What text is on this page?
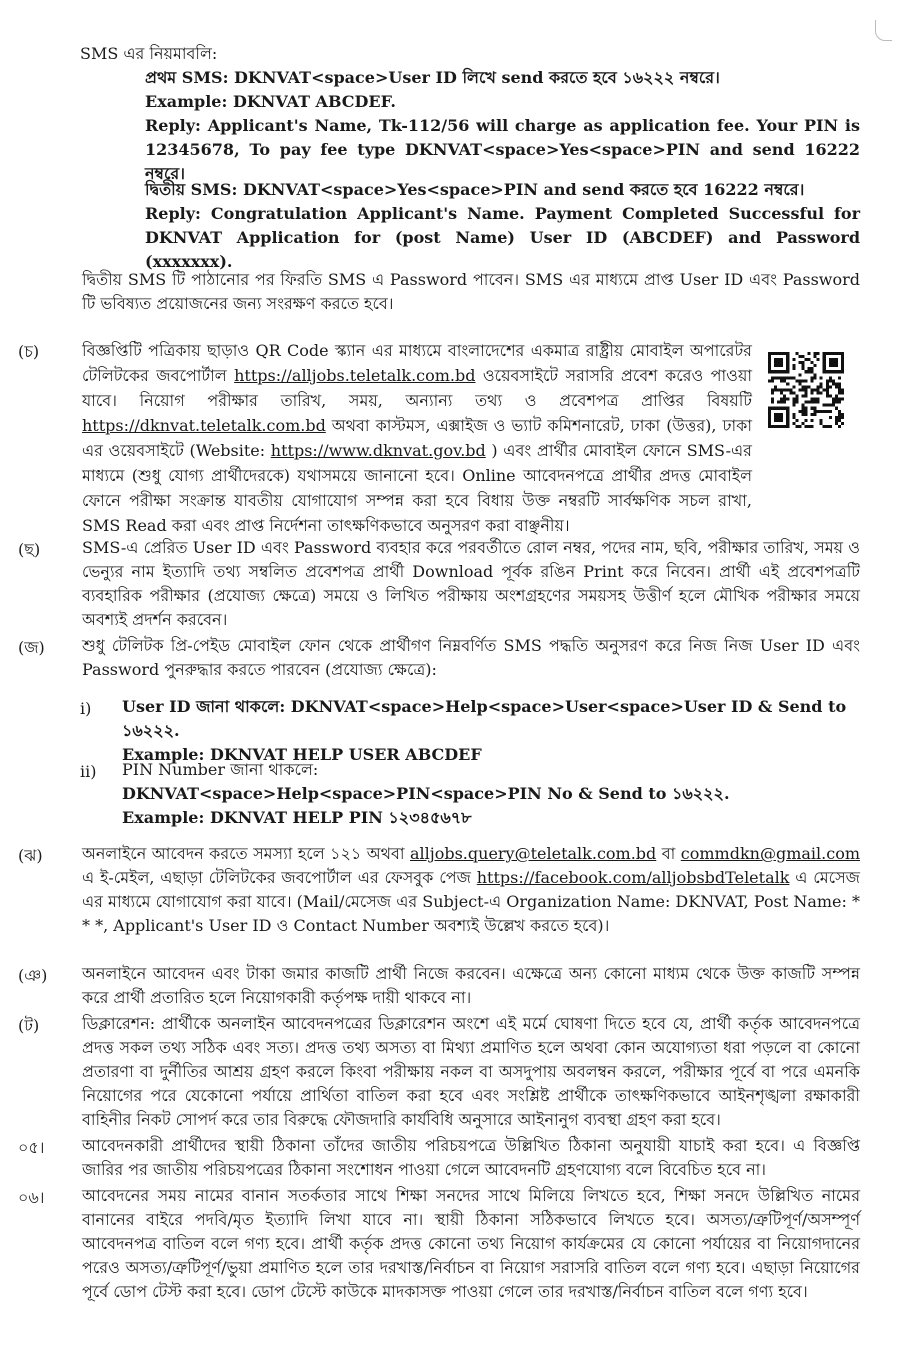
SMS এর নিয়মাবলি:

প্রথম SMS: DKNVAT<space>User ID লিখে send করতে হবে ১৬২২২ নম্বরে।

Example: DKNVAT ABCDEF.

Reply: Applicant's Name, Tk-112/56 will charge as application fee. Your PIN is 12345678, To pay fee type DKNVAT<space>Yes<space>PIN and send 16222 নম্বরে।

দ্বিতীয় SMS: DKNVAT<space>Yes<space>PIN and send করতে হবে 16222 নম্বরে।

Reply: Congratulation Applicant's Name. Payment Completed Successful for DKNVAT Application for (post Name) User ID (ABCDEF) and Password (xxxxxxx).

দ্বিতীয় SMS টি পাঠানোর পর ফিরতি SMS এ Password পাবেন। SMS এর মাধ্যমে প্রাপ্ত User ID এবং Password টি ভবিষ্যত প্রয়োজনের জন্য সংরক্ষণ করতে হবে।

(চ)	বিজ্ঞপ্তিটি পত্রিকায় ছাড়াও QR Code স্ক্যান এর মাধ্যমে বাংলাদেশের একমাত্র রাষ্ট্রীয় মোবাইল অপারেটর টেলিটকের জবপোর্টাল https://alljobs.teletalk.com.bd ওয়েবসাইটে সরাসরি প্রবেশ করেও পাওয়া যাবে। নিয়োগ পরীক্ষার তারিখ, সময়, অন্যান্য তথ্য ও প্রবেশপত্র প্রাপ্তির বিষয়টি https://dknvat.teletalk.com.bd অথবা কাস্টমস, এক্সাইজ ও ভ্যাট কমিশনারেট, ঢাকা (উত্তর), ঢাকা এর ওয়েবসাইটে (Website: https://www.dknvat.gov.bd ) এবং প্রার্থীর মোবাইল ফোনে SMS-এর মাধ্যমে (শুধু যোগ্য প্রার্থীদেরকে) যথাসময়ে জানানো হবে। Online আবেদনপত্রে প্রার্থীর প্রদত্ত মোবাইল ফোনে পরীক্ষা সংক্রান্ত যাবতীয় যোগাযোগ সম্পন্ন করা হবে বিধায় উক্ত নম্বরটি সার্বক্ষণিক সচল রাখা, SMS Read করা এবং প্রাপ্ত নির্দেশনা তাৎক্ষণিকভাবে অনুসরণ করা বাঞ্ছনীয়।

(ছ)	SMS-এ প্রেরিত User ID এবং Password ব্যবহার করে পরবর্তীতে রোল নম্বর, পদের নাম, ছবি, পরীক্ষার তারিখ, সময় ও ভেন্যুর নাম ইত্যাদি তথ্য সম্বলিত প্রবেশপত্র প্রার্থী Download পূর্বক রঙিন Print করে নিবেন। প্রার্থী এই প্রবেশপত্রটি ব্যবহারিক পরীক্ষার (প্রযোজ্য ক্ষেত্রে) সময়ে ও লিখিত পরীক্ষায় অংশগ্রহণের সময়সহ উত্তীর্ণ হলে মৌখিক পরীক্ষার সময়ে অবশ্যই প্রদর্শন করবেন।

(জ) শুধু টেলিটক প্রি-পেইড মোবাইল ফোন থেকে প্রার্থীগণ নিম্নবর্ণিত SMS পদ্ধতি অনুসরণ করে নিজ নিজ User ID এবং Password পুনরুদ্ধার করতে পারবেন (প্রযোজ্য ক্ষেত্রে):

i) User ID জানা থাকলে: DKNVAT<space>Help<space>User<space>User ID & Send to ১৬২২২.
Example: DKNVAT HELP USER ABCDEF
ii) PIN Number জানা থাকলে:
DKNVAT<space>Help<space>PIN<space>PIN No & Send to ১৬২২২.
Example: DKNVAT HELP PIN ১২৩৪৫৬৭৮
(ঝ) অনলাইনে আবেদন করতে সমস্যা হলে ১২১ অথবা alljobs.query@teletalk.com.bd বা commdkn@gmail.com এ ই-মেইল, এছাড়া টেলিটকের জবপোর্টাল এর ফেসবুক পেজ https://facebook.com/alljobsbdTeletalk এ মেসেজ এর মাধ্যমে যোগাযোগ করা যাবে। (Mail/মেসেজ এর Subject-এ Organization Name: DKNVAT, Post Name: * * *, Applicant's User ID ও Contact Number অবশ্যই উল্লেখ করতে হবে)।

(ঞ) অনলাইনে আবেদন এবং টাকা জমার কাজটি প্রার্থী নিজে করবেন। এক্ষেত্রে অন্য কোনো মাধ্যম থেকে উক্ত কাজটি সম্পন্ন করে প্রার্থী প্রতারিত হলে নিয়োগকারী কর্তৃপক্ষ দায়ী থাকবে না।

(ট)	ডিক্লারেশন: প্রার্থীকে অনলাইন আবেদনপত্রের ডিক্লারেশন অংশে এই মর্মে ঘোষণা দিতে হবে যে, প্রার্থী কর্তৃক আবেদনপত্রে প্রদত্ত সকল তথ্য সঠিক এবং সত্য। প্রদত্ত তথ্য অসত্য বা মিথ্যা প্রমাণিত হলে অথবা কোন অযোগ্যতা ধরা পড়লে বা কোনো প্রতারণা বা দুর্নীতির আশ্রয় গ্রহণ করলে কিংবা পরীক্ষায় নকল বা অসদুপায় অবলম্বন করলে, পরীক্ষার পূর্বে বা পরে এমনকি নিয়োগের পরে যেকোনো পর্যায়ে প্রার্থিতা বাতিল করা হবে এবং সংশ্লিষ্ট প্রার্থীকে তাৎক্ষণিকভাবে আইনশৃঙ্খলা রক্ষাকারী বাহিনীর নিকট সোপর্দ করে তার বিরুদ্ধে ফৌজদারি কার্যবিধি অনুসারে আইনানুগ ব্যবস্থা গ্রহণ করা হবে।

০৫। আবেদনকারী প্রার্থীদের স্থায়ী ঠিকানা তাঁদের জাতীয় পরিচয়পত্রে উল্লিখিত ঠিকানা অনুযায়ী যাচাই করা হবে। এ বিজ্ঞপ্তি জারির পর জাতীয় পরিচয়পত্রের ঠিকানা সংশোধন পাওয়া গেলে আবেদনটি গ্রহণযোগ্য বলে বিবেচিত হবে না।

০৬। আবেদনের সময় নামের বানান সতর্কতার সাথে শিক্ষা সনদের সাথে মিলিয়ে লিখতে হবে, শিক্ষা সনদে উল্লিখিত নামের বানানের বাইরে পদবি/মৃত ইত্যাদি লিখা যাবে না। স্থায়ী ঠিকানা সঠিকভাবে লিখতে হবে। অসত্য/ত্রুটিপূর্ণ/অসম্পূর্ণ আবেদনপত্র বাতিল বলে গণ্য হবে। প্রার্থী কর্তৃক প্রদত্ত কোনো তথ্য নিয়োগ কার্যক্রমের যে কোনো পর্যায়ের বা নিয়োগদানের পরেও অসত্য/ত্রুটিপূর্ণ/ভুয়া প্রমাণিত হলে তার দরখাস্ত/নির্বাচন বা নিয়োগ সরাসরি বাতিল বলে গণ্য হবে। এছাড়া নিয়োগের পূর্বে ডোপ টেস্ট করা হবে। ডোপ টেস্টে কাউকে মাদকাসক্ত পাওয়া গেলে তার দরখাস্ত/নির্বাচন বাতিল বলে গণ্য হবে।
